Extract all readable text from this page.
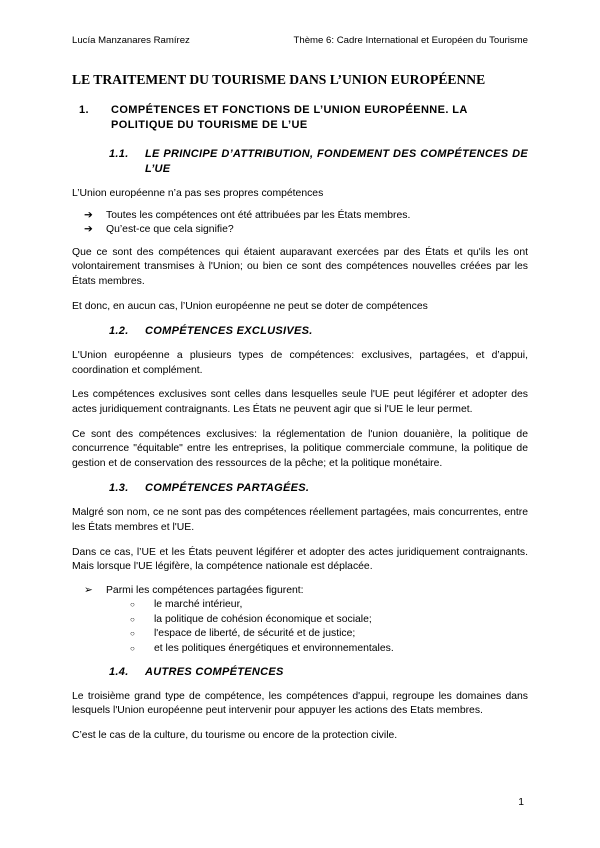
Lucía Manzanares Ramírez	Thème 6: Cadre International et Européen du Tourisme
LE TRAITEMENT DU TOURISME DANS L’UNION EUROPÉENNE
1.	COMPÉTENCES ET FONCTIONS DE L’UNION EUROPÉENNE. LA POLITIQUE DU TOURISME DE L’UE
1.1.	LE PRINCIPE D’ATTRIBUTION, FONDEMENT DES COMPÉTENCES DE L’UE

L’Union européenne n’a pas ses propres compétences

➔	Toutes les compétences ont été attribuées par les États membres.
➔	Qu’est-ce que cela signifie?

Que ce sont des compétences qui étaient auparavant exercées par des États et qu'ils les ont volontairement transmises à l'Union; ou bien ce sont des compétences nouvelles créées par les États membres.

Et donc, en aucun cas, l’Union européenne ne peut se doter de compétences

1.2.	COMPÉTENCES EXCLUSIVES.

L'Union européenne a plusieurs types de compétences: exclusives, partagées, et d’appui, coordination et complément.

Les compétences exclusives sont celles dans lesquelles seule l'UE peut légiférer et adopter des actes juridiquement contraignants. Les États ne peuvent agir que si l'UE le leur permet.

Ce sont des compétences exclusives: la réglementation de l'union douanière, la politique de concurrence "équitable" entre les entreprises, la politique commerciale commune, la politique de gestion et de conservation des ressources de la pêche; et la politique monétaire.

1.3.	COMPÉTENCES PARTAGÉES.

Malgré son nom, ce ne sont pas des compétences réellement partagées, mais concurrentes, entre les États membres et l'UE.

Dans ce cas, l’UE et les États peuvent légiférer et adopter des actes juridiquement contraignants. Mais lorsque l'UE légifère, la compétence nationale est déplacée.

➢	Parmi les compétences partagées figurent:
○	le marché intérieur,
○	la politique de cohésion économique et sociale;
○	l'espace de liberté, de sécurité et de justice;
○	et les politiques énergétiques et environnementales.
1.4.	AUTRES COMPÉTENCES

Le troisième grand type de compétence, les compétences d'appui, regroupe les domaines dans lesquels l'Union européenne peut intervenir pour appuyer les actions des Etats membres.

C’est le cas de la culture, du tourisme ou encore de la protection civile.

1
